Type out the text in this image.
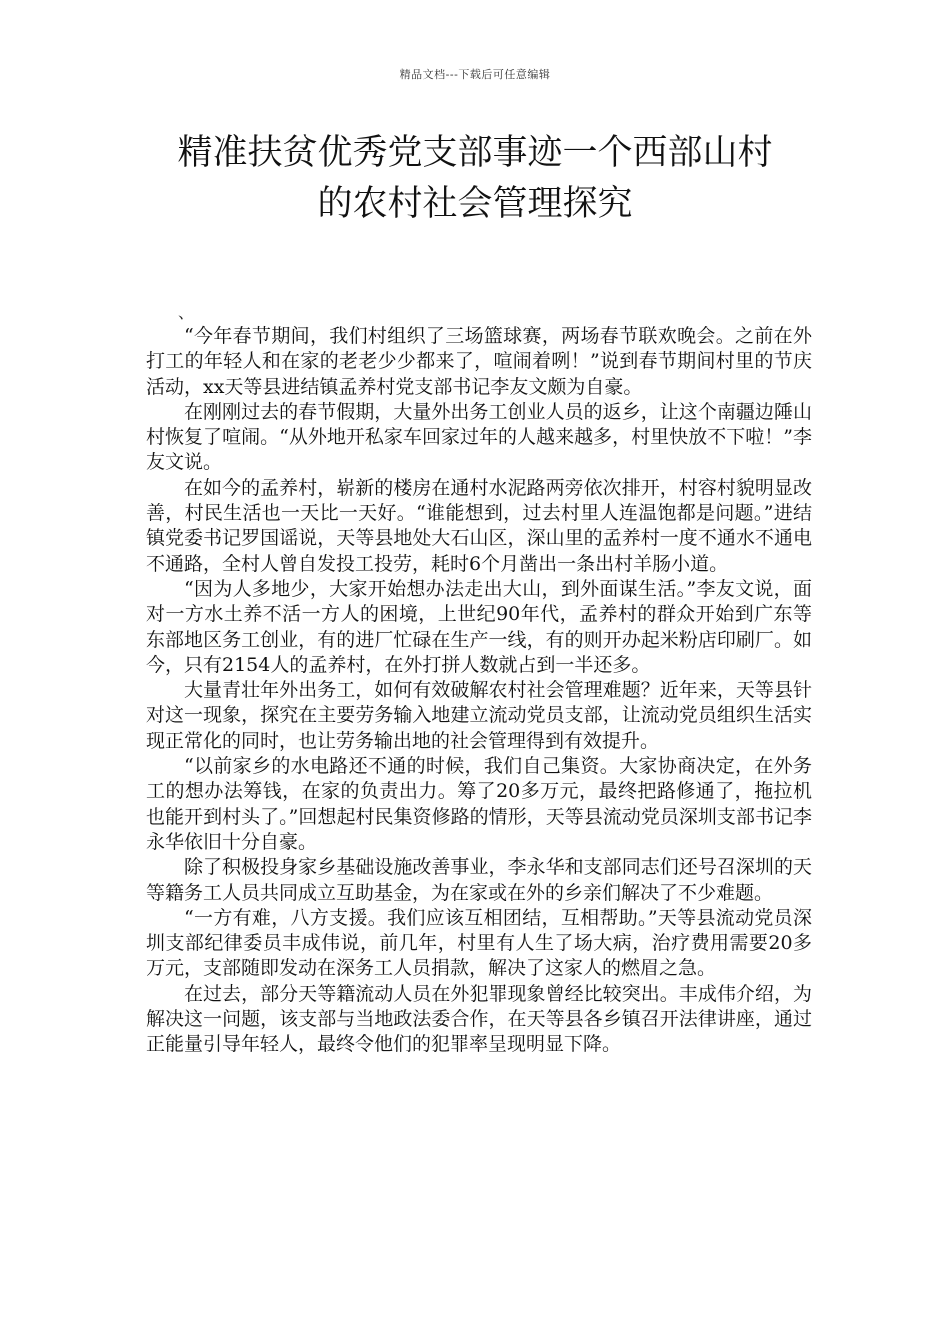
精品文档---下载后可任意编辑
精准扶贫优秀党支部事迹一个西部山村
的农村社会管理探究
、

“今年春节期间，我们村组织了三场篮球赛，两场春节联欢晚会。之前在外打工的年轻人和在家的老老少少都来了，喧闹着咧！”说到春节期间村里的节庆活动，xx天等县进结镇孟养村党支部书记李友文颇为自豪。

在刚刚过去的春节假期，大量外出务工创业人员的返乡，让这个南疆边陲山村恢复了喧闹。“从外地开私家车回家过年的人越来越多，村里快放不下啦！”李友文说。

在如今的孟养村，崭新的楼房在通村水泥路两旁依次排开，村容村貌明显改善，村民生活也一天比一天好。“谁能想到，过去村里人连温饱都是问题。”进结镇党委书记罗国谣说，天等县地处大石山区，深山里的孟养村一度不通水不通电不通路，全村人曾自发投工投劳，耗时6个月凿出一条出村羊肠小道。

“因为人多地少，大家开始想办法走出大山，到外面谋生活。”李友文说，面对一方水土养不活一方人的困境，上世纪90年代，孟养村的群众开始到广东等东部地区务工创业，有的进厂忙碌在生产一线，有的则开办起米粉店印刷厂。如今，只有2154人的孟养村，在外打拼人数就占到一半还多。

大量青壮年外出务工，如何有效破解农村社会管理难题？近年来，天等县针对这一现象，探究在主要劳务输入地建立流动党员支部，让流动党员组织生活实现正常化的同时，也让劳务输出地的社会管理得到有效提升。

“以前家乡的水电路还不通的时候，我们自己集资。大家协商决定，在外务工的想办法筹钱，在家的负责出力。筹了20多万元，最终把路修通了，拖拉机也能开到村头了。”回想起村民集资修路的情形，天等县流动党员深圳支部书记李永华依旧十分自豪。

除了积极投身家乡基础设施改善事业，李永华和支部同志们还号召深圳的天等籍务工人员共同成立互助基金，为在家或在外的乡亲们解决了不少难题。

“一方有难，八方支援。我们应该互相团结，互相帮助。”天等县流动党员深圳支部纪律委员丰成伟说，前几年，村里有人生了场大病，治疗费用需要20多万元，支部随即发动在深务工人员捐款，解决了这家人的燃眉之急。

在过去，部分天等籍流动人员在外犯罪现象曾经比较突出。丰成伟介绍，为解决这一问题，该支部与当地政法委合作，在天等县各乡镇召开法律讲座，通过正能量引导年轻人，最终令他们的犯罪率呈现明显下降。
